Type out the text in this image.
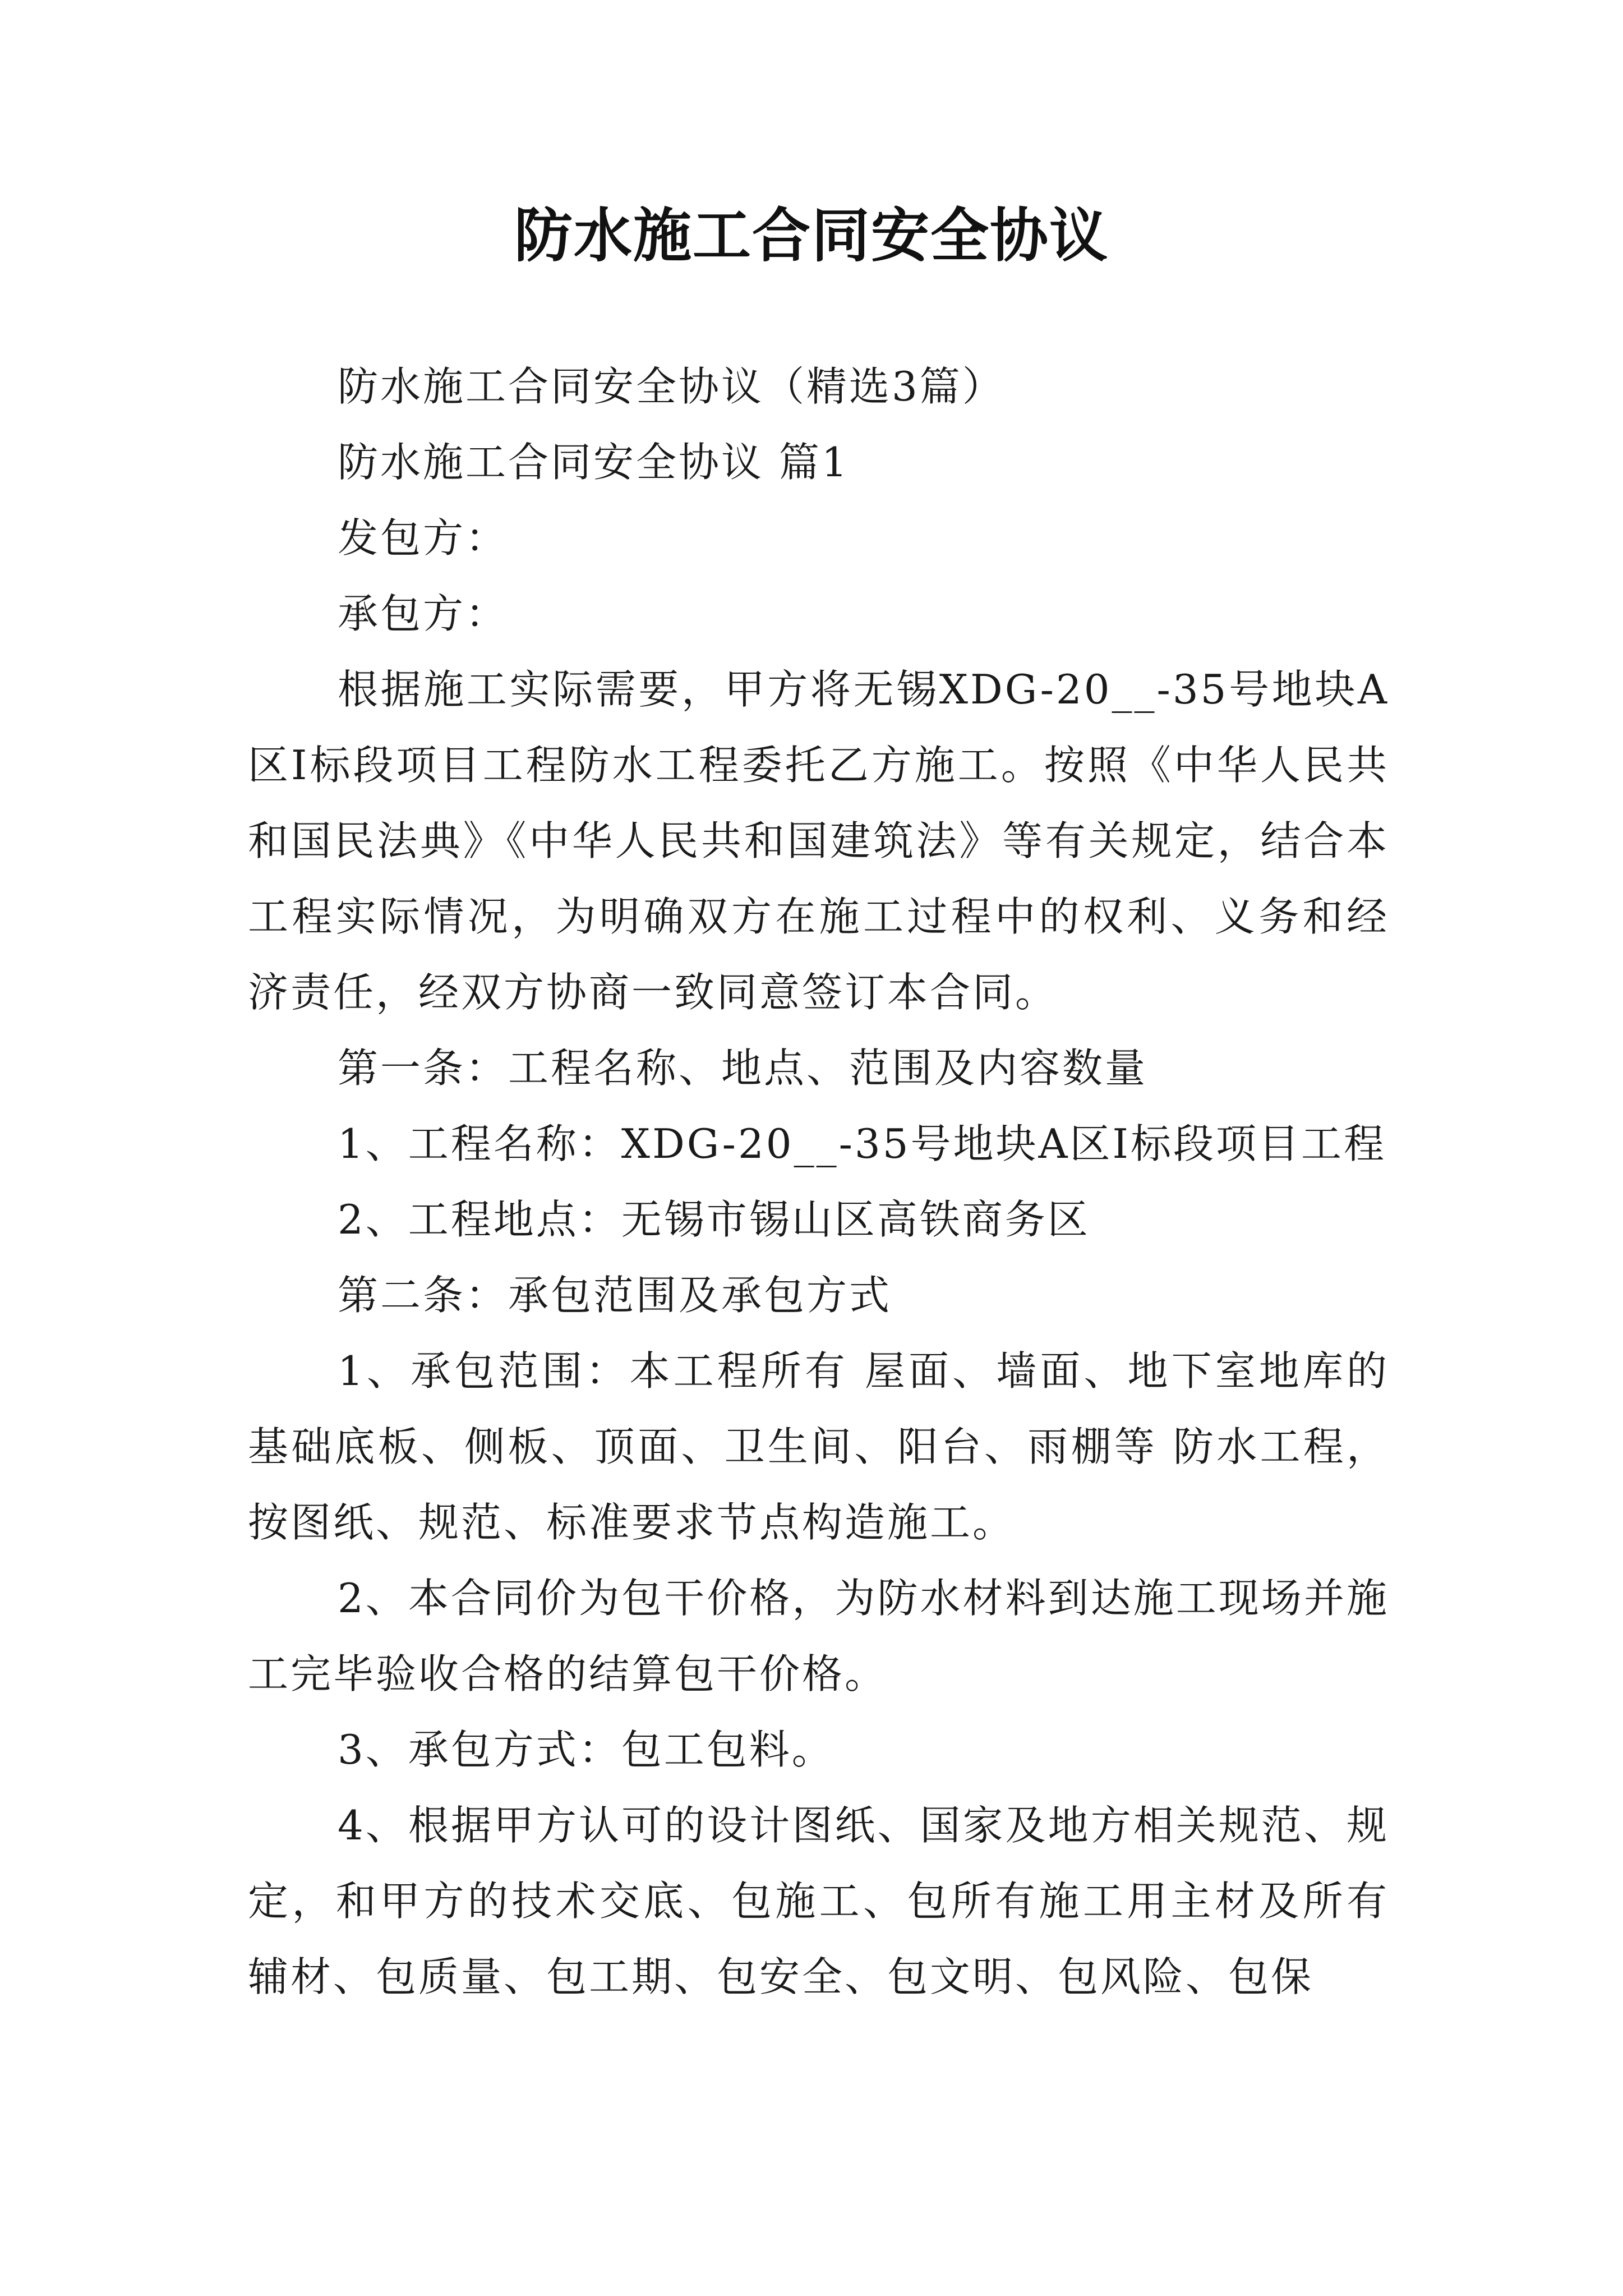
防水施工合同安全协议

防水施工合同安全协议（精选3篇）

防水施工合同安全协议 篇1

发包方：

承包方：

根据施工实际需要，甲方将无锡XDG-20__-35号地块A区Ⅰ标段项目工程防水工程委托乙方施工。按照《中华人民共和国民法典》《中华人民共和国建筑法》等有关规定，结合本工程实际情况，为明确双方在施工过程中的权利、义务和经济责任，经双方协商一致同意签订本合同。

第一条：工程名称、地点、范围及内容数量

1、工程名称：XDG-20__-35号地块A区Ⅰ标段项目工程

2、工程地点：无锡市锡山区高铁商务区

第二条：承包范围及承包方式

1、承包范围：本工程所有 屋面、墙面、地下室地库的基础底板、侧板、顶面、卫生间、阳台、雨棚等 防水工程，按图纸、规范、标准要求节点构造施工。

2、本合同价为包干价格，为防水材料到达施工现场并施工完毕验收合格的结算包干价格。

3、承包方式：包工包料。

4、根据甲方认可的设计图纸、国家及地方相关规范、规定，和甲方的技术交底、包施工、包所有施工用主材及所有辅材、包质量、包工期、包安全、包文明、包风险、包保
